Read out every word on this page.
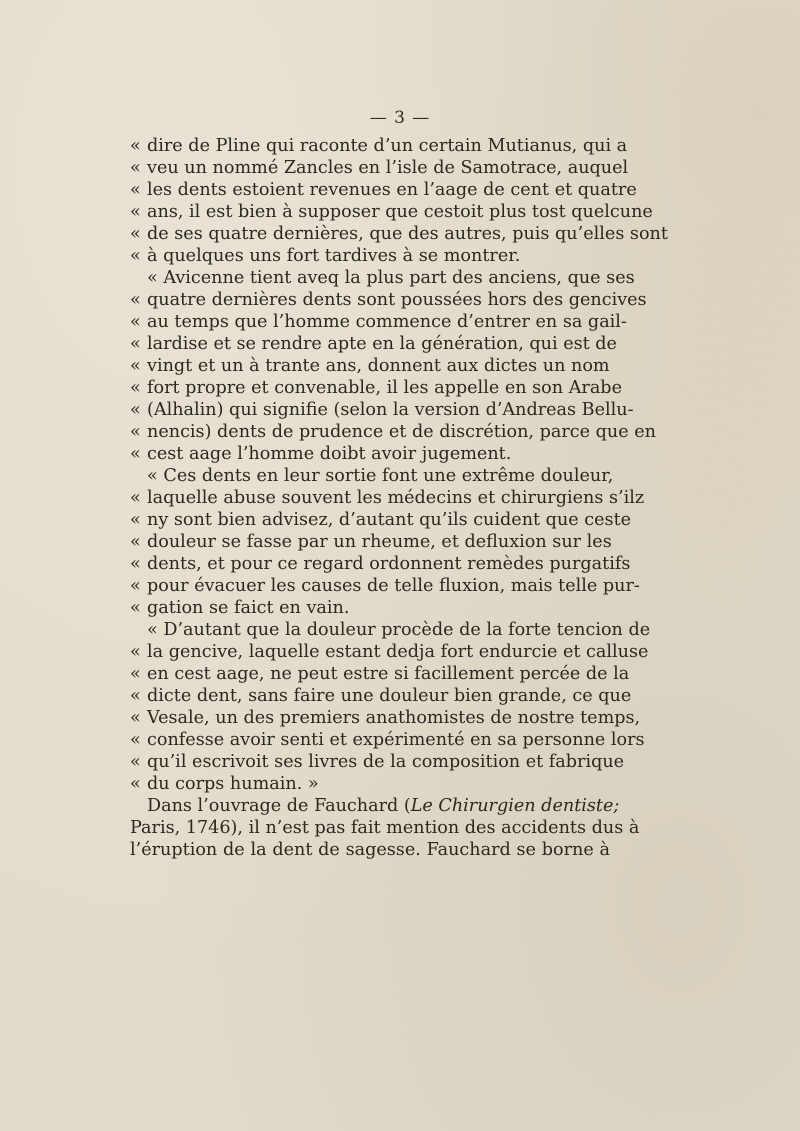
— 3 —
« dire de Pline qui raconte d’un certain Mutianus, qui a
« veu un nommé Zancles en l’isle de Samotrace, auquel
« les dents estoient revenues en l’aage de cent et quatre
« ans, il est bien à supposer que cestoit plus tost quelcune
« de ses quatre dernières, que des autres, puis qu’elles sont
« à quelques uns fort tardives à se montrer.
« Avicenne tient aveq la plus part des anciens, que ses
« quatre dernières dents sont poussées hors des gencives
« au temps que l’homme commence d’entrer en sa gail-
« lardise et se rendre apte en la génération, qui est de
« vingt et un à trante ans, donnent aux dictes un nom
« fort propre et convenable, il les appelle en son Arabe
« (Alhalin) qui signifie (selon la version d’Andreas Bellu-
« nencis) dents de prudence et de discrétion, parce que en
« cest aage l’homme doibt avoir jugement.
« Ces dents en leur sortie font une extrême douleur,
« laquelle abuse souvent les médecins et chirurgiens s’ilz
« ny sont bien advisez, d’autant qu’ils cuident que ceste
« douleur se fasse par un rheume, et defluxion sur les
« dents, et pour ce regard ordonnent remèdes purgatifs
« pour évacuer les causes de telle fluxion, mais telle pur-
« gation se faict en vain.
« D’autant que la douleur procède de la forte tencion de
« la gencive, laquelle estant dedja fort endurcie et calluse
« en cest aage, ne peut estre si facillement percée de la
« dicte dent, sans faire une douleur bien grande, ce que
« Vesale, un des premiers anathomistes de nostre temps,
« confesse avoir senti et expérimenté en sa personne lors
« qu’il escrivoit ses livres de la composition et fabrique
« du corps humain. »
Dans l’ouvrage de Fauchard (Le Chirurgien dentiste;
Paris, 1746), il n’est pas fait mention des accidents dus à
l’éruption de la dent de sagesse. Fauchard se borne à
